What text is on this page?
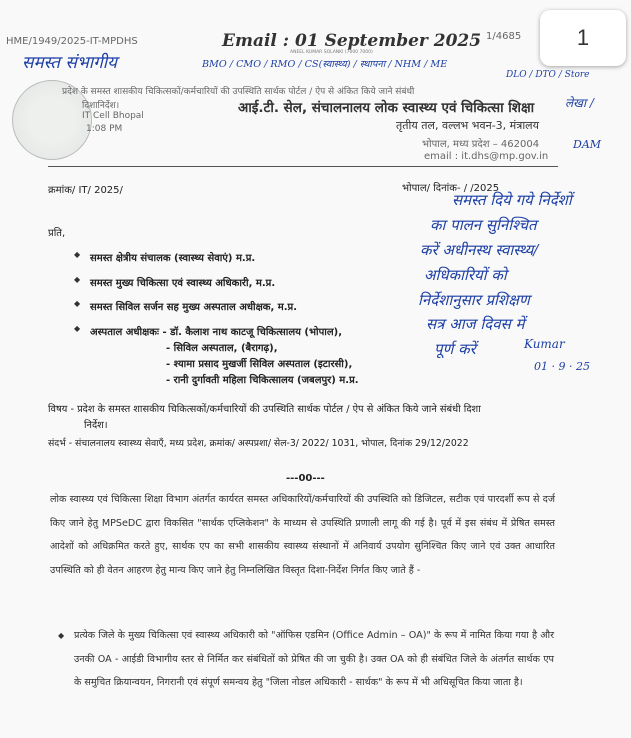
HME/1949/2025-IT-MPDHS	Email : 01 September 2025
ANEEL KUMAR SOLANKI (7000 7000)
1/4685	1
समस्त संभागीय	BMO / CMO / RMO / CS(स्वास्थ्य) / स्थापना / NHM / ME
DLO / DTO / Store
लेखा /
DAM
प्रदेश के समस्त शासकीय चिकित्सकों/कर्मचारियों की उपस्थिति सार्थक पोर्टल / ऐप से अंकित किये जाने संबंधी
दिशानिर्देश।
IT Cell Bhopal
1:08 PM
आई.टी. सेल, संचालनालय लोक स्वास्थ्य एवं चिकित्सा शिक्षा
तृतीय तल, वल्लभ भवन-3, मंत्रालय
भोपाल, मध्य प्रदेश – 462004
email : it.dhs@mp.gov.in
क्रमांक/ IT/ 2025/	भोपाल/ दिनांक- / /2025
समस्त दिये गये निर्देशों
का पालन सुनिश्चित
करें अधीनस्थ स्वास्थ्य/
अधिकारियों को
निर्देशानुसार प्रशिक्षण
सत्र आज दिवस में
पूर्ण करें	Kumar
01 · 9 · 25
प्रति,
◆ समस्त क्षेत्रीय संचालक (स्वास्थ्य सेवाएं) म.प्र.
◆ समस्त मुख्य चिकित्सा एवं स्वास्थ्य अधिकारी, म.प्र.
◆ समस्त सिविल सर्जन सह मुख्य अस्पताल अधीक्षक, म.प्र.
◆ अस्पताल अधीक्षकः - डॉ. कैलाश नाथ काटजू चिकित्सालय (भोपाल),
- सिविल अस्पताल, (बैरागढ़),
- श्यामा प्रसाद मुखर्जी सिविल अस्पताल (इटारसी),
- रानी दुर्गावती महिला चिकित्सालय (जबलपुर) म.प्र.
विषय - प्रदेश के समस्त शासकीय चिकित्सकों/कर्मचारियों की उपस्थिति सार्थक पोर्टल / ऐप से अंकित किये जाने संबंधी दिशा
निर्देश।
संदर्भ - संचालनालय स्वास्थ्य सेवाएँ, मध्य प्रदेश, क्रमांक/ अस्पप्रशा/ सेल-3/ 2022/ 1031, भोपाल, दिनांक 29/12/2022
---00---
लोक स्वास्थ्य एवं चिकित्सा शिक्षा विभाग अंतर्गत कार्यरत समस्त अधिकारियों/कर्मचारियों की उपस्थिति को डिजिटल, सटीक एवं पारदर्शी रूप से दर्ज किए जाने हेतु MPSeDC द्वारा विकसित "सार्थक एप्लिकेशन" के माध्यम से उपस्थिति प्रणाली लागू की गई है। पूर्व में इस संबंध में प्रेषित समस्त आदेशों को अधिक्रमित करते हुए, सार्थक एप का सभी शासकीय स्वास्थ्य संस्थानों में अनिवार्य उपयोग सुनिश्चित किए जाने एवं उक्त आधारित उपस्थिति को ही वेतन आहरण हेतु मान्य किए जाने हेतु निम्नलिखित विस्तृत दिशा-निर्देश निर्गत किए जाते हैं -
◆ प्रत्येक जिले के मुख्य चिकित्सा एवं स्वास्थ्य अधिकारी को "ऑफिस एडमिन (Office Admin – OA)" के रूप में नामित किया गया है और उनकी OA - आईडी विभागीय स्तर से निर्मित कर संबंधितों को प्रेषित की जा चुकी है। उक्त OA को ही संबंधित जिले के अंतर्गत सार्थक एप के समुचित क्रियान्वयन, निगरानी एवं संपूर्ण समन्वय हेतु "जिला नोडल अधिकारी - सार्थक" के रूप में भी अधिसूचित किया जाता है।
